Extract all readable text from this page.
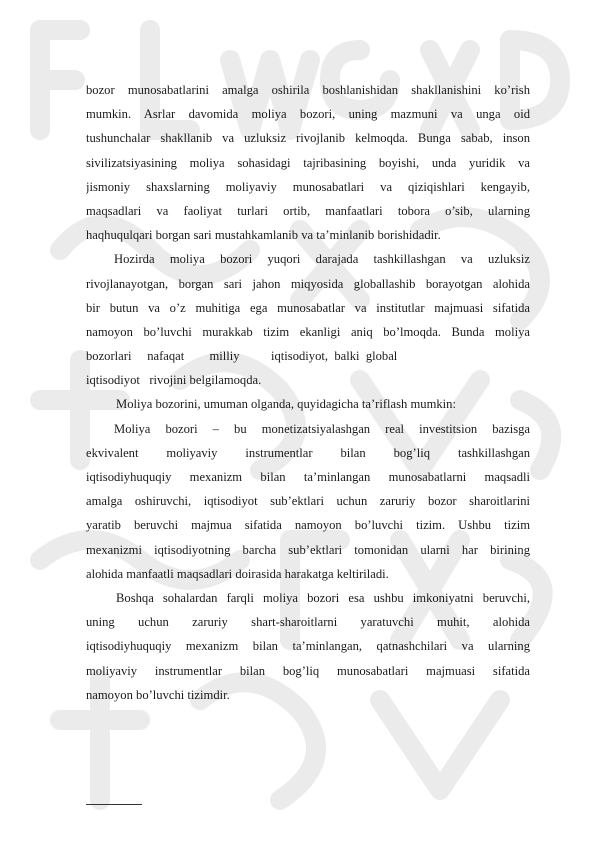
bozor munosabatlarini amalga oshirila boshlanishidan shakllanishini ko’rish
mumkin. Asrlar davomida moliya bozori, uning mazmuni va unga oid
tushunchalar shakllanib va uzluksiz rivojlanib kelmoqda. Bunga sabab, inson
sivilizatsiyasining moliya sohasidagi tajribasining boyishi, unda yuridik va
jismoniy shaxslarning moliyaviy munosabatlari va qiziqishlari kengayib,
maqsadlari va faoliyat turlari ortib, manfaatlari tobora o’sib, ularning
haqhuqulqari borgan sari mustahkamlanib va ta’minlanib borishidadir.
Hozirda moliya bozori yuqori darajada tashkillashgan va uzluksiz
rivojlanayotgan, borgan sari jahon miqyosida globallashib borayotgan alohida
bir butun va o’z muhitiga ega munosabatlar va institutlar majmuasi sifatida
namoyon bo’luvchi murakkab tizim ekanligi aniq bo’lmoqda. Bunda moliya
bozorlari     nafaqat        milliy          iqtisodiyot,  balki  global
iqtisodiyot   rivojini belgilamoqda.
Moliya bozorini, umuman olganda, quyidagicha ta’riflash mumkin:
Moliya bozori – bu monetizatsiyalashgan real investitsion bazisga
ekvivalent moliyaviy instrumentlar bilan bog’liq tashkillashgan
iqtisodiyhuquqiy mexanizm bilan ta’minlangan munosabatlarni maqsadli
amalga oshiruvchi, iqtisodiyot sub’ektlari uchun zaruriy bozor sharoitlarini
yaratib beruvchi majmua sifatida namoyon bo’luvchi tizim. Ushbu tizim
mexanizmi iqtisodiyotning barcha sub’ektlari tomonidan ularni har birining
alohida manfaatli maqsadlari doirasida harakatga keltiriladi.
Boshqa sohalardan farqli moliya bozori esa ushbu imkoniyatni beruvchi,
uning uchun zaruriy shart-sharoitlarni yaratuvchi muhit, alohida
iqtisodiyhuquqiy mexanizm bilan ta’minlangan, qatnashchilari va ularning
moliyaviy instrumentlar bilan bog’liq munosabatlari majmuasi sifatida
namoyon bo’luvchi tizimdir.
